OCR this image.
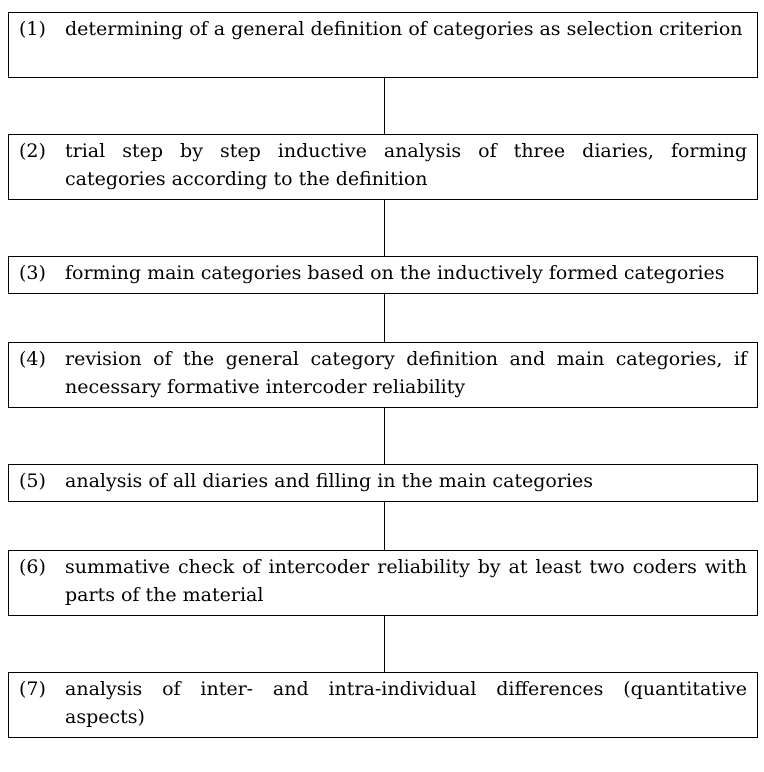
(1)	determining of a general definition of categories as selection criterion
(2)	trial step by step inductive analysis of three diaries, forming categories according to the definition
(3)	forming main categories based on the inductively formed categories
(4)	revision of the general category definition and main categories, if necessary formative intercoder reliability
(5)	analysis of all diaries and filling in the main categories
(6)	summative check of intercoder reliability by at least two coders with parts of the material
(7)	analysis of inter- and intra-individual differences (quantitative aspects)
